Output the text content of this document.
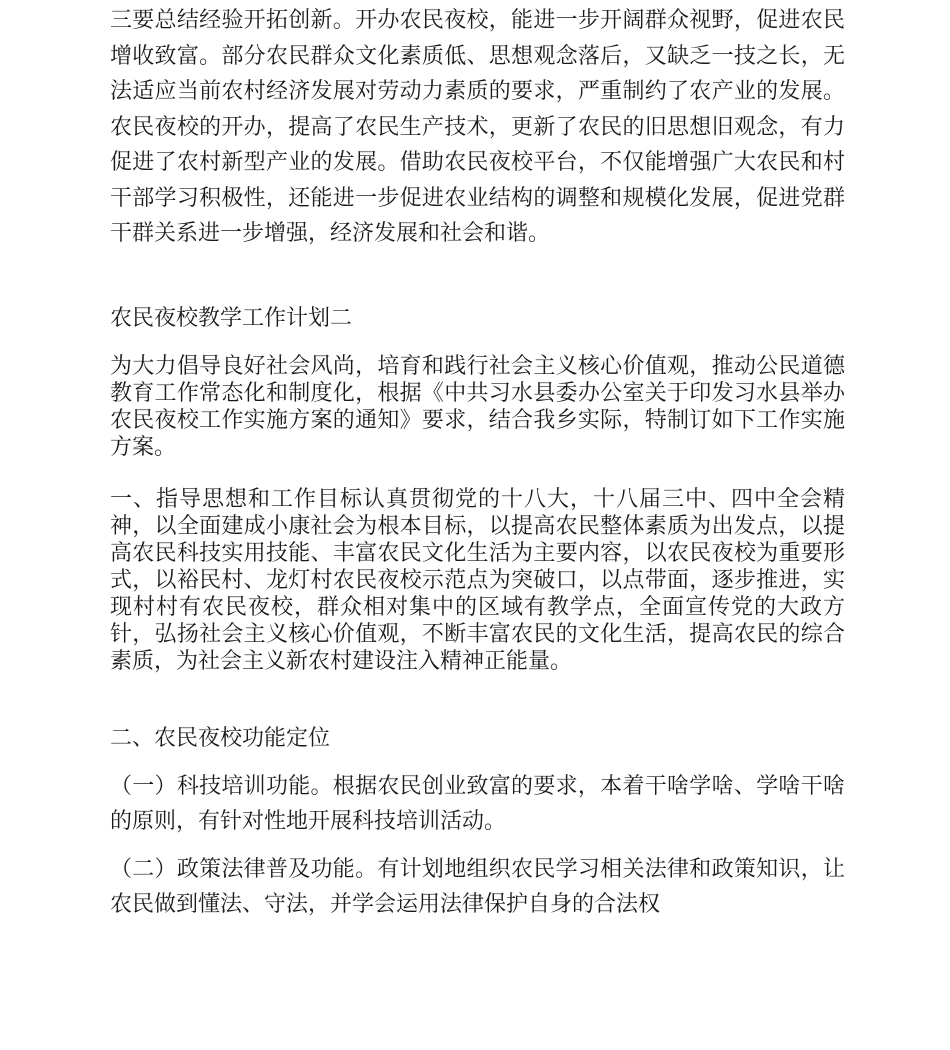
三要总结经验开拓创新。开办农民夜校，能进一步开阔群众视野，促进农民增收致富。部分农民群众文化素质低、思想观念落后，又缺乏一技之长，无法适应当前农村经济发展对劳动力素质的要求，严重制约了农产业的发展。农民夜校的开办，提高了农民生产技术，更新了农民的旧思想旧观念，有力促进了农村新型产业的发展。借助农民夜校平台，不仅能增强广大农民和村干部学习积极性，还能进一步促进农业结构的调整和规模化发展，促进党群干群关系进一步增强，经济发展和社会和谐。

农民夜校教学工作计划二

为大力倡导良好社会风尚，培育和践行社会主义核心价值观，推动公民道德教育工作常态化和制度化，根据《中共习水县委办公室关于印发习水县举办农民夜校工作实施方案的通知》要求，结合我乡实际，特制订如下工作实施方案。

一、指导思想和工作目标认真贯彻党的十八大，十八届三中、四中全会精神，以全面建成小康社会为根本目标，以提高农民整体素质为出发点，以提高农民科技实用技能、丰富农民文化生活为主要内容，以农民夜校为重要形式，以裕民村、龙灯村农民夜校示范点为突破口，以点带面，逐步推进，实现村村有农民夜校，群众相对集中的区域有教学点，全面宣传党的大政方针，弘扬社会主义核心价值观，不断丰富农民的文化生活，提高农民的综合素质，为社会主义新农村建设注入精神正能量。

二、农民夜校功能定位

（一）科技培训功能。根据农民创业致富的要求，本着干啥学啥、学啥干啥的原则，有针对性地开展科技培训活动。

（二）政策法律普及功能。有计划地组织农民学习相关法律和政策知识，让农民做到懂法、守法，并学会运用法律保护自身的合法权
